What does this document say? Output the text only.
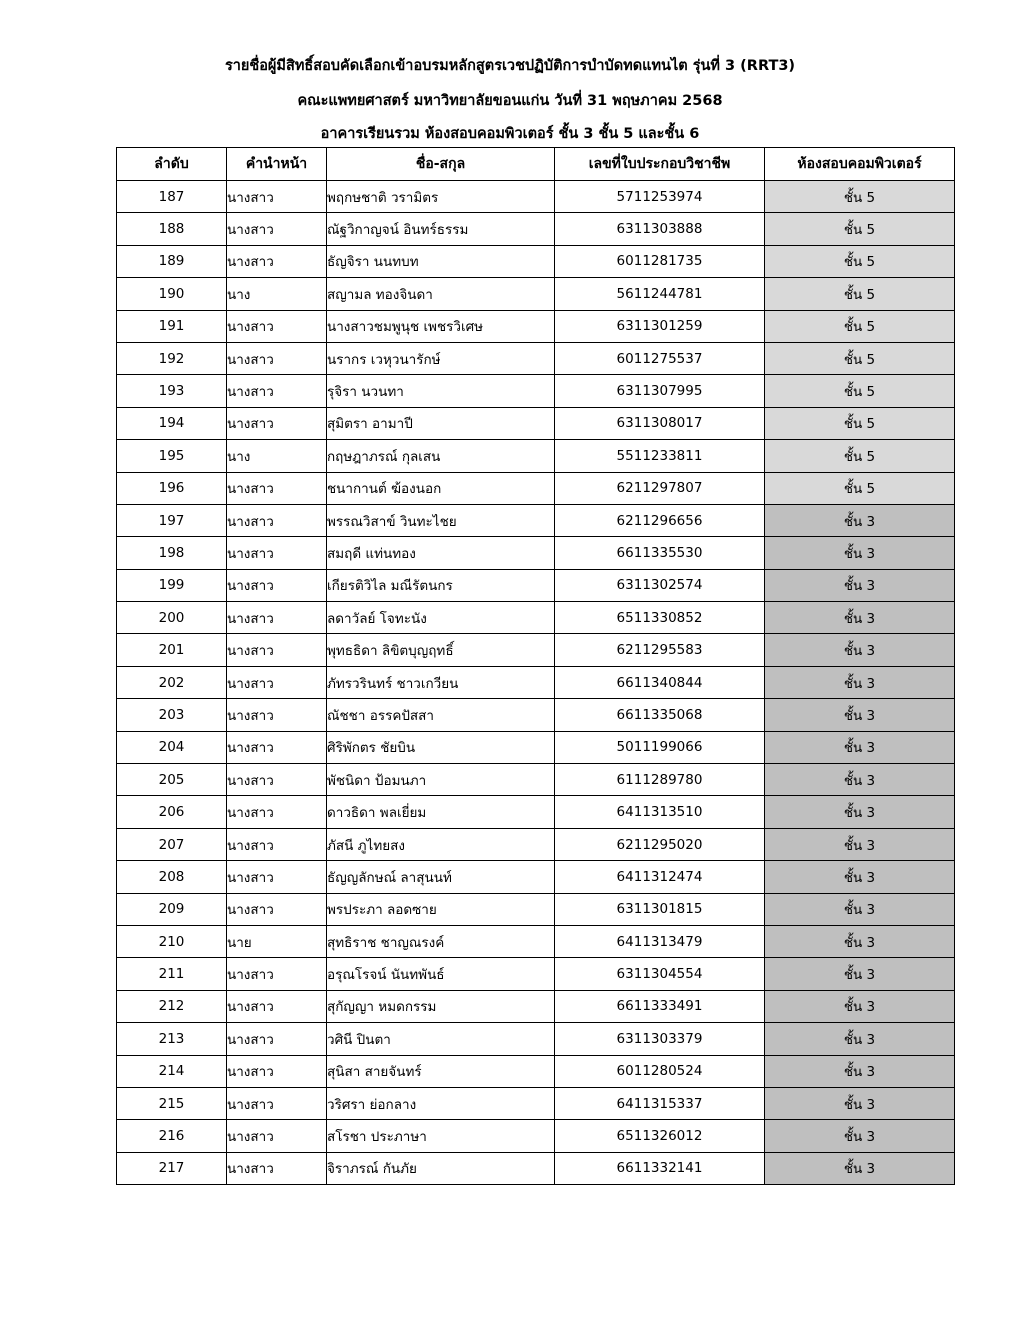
รายชื่อผู้มีสิทธิ์สอบคัดเลือกเข้าอบรมหลักสูตรเวชปฏิบัติการบำบัดทดแทนไต รุ่นที่ 3 (RRT3)
คณะแพทยศาสตร์ มหาวิทยาลัยขอนแก่น วันที่ 31 พฤษภาคม 2568
อาคารเรียนรวม ห้องสอบคอมพิวเตอร์ ชั้น 3 ชั้น 5 และชั้น 6
ลำดับ	คำนำหน้า	ชื่อ-สกุล	เลขที่ใบประกอบวิชาชีพ	ห้องสอบคอมพิวเตอร์
187	นางสาว	พฤกษชาติ วรามิตร	5711253974	ชั้น 5
188	นางสาว	ณัฐวิกาญจน์ อินทร์ธรรม	6311303888	ชั้น 5
189	นางสาว	ธัญจิรา นนทบท	6011281735	ชั้น 5
190	นาง	สญามล ทองจินดา	5611244781	ชั้น 5
191	นางสาว	นางสาวชมพูนุช เพชรวิเศษ	6311301259	ชั้น 5
192	นางสาว	นรากร เวหุวนารักษ์	6011275537	ชั้น 5
193	นางสาว	รุจิรา นวนทา	6311307995	ชั้น 5
194	นางสาว	สุมิตรา อามาปี	6311308017	ชั้น 5
195	นาง	กฤษฎาภรณ์ กุลเสน	5511233811	ชั้น 5
196	นางสาว	ชนากานต์ ฆ้องนอก	6211297807	ชั้น 5
197	นางสาว	พรรณวิสาข์ วินทะไชย	6211296656	ชั้น 3
198	นางสาว	สมฤดี แท่นทอง	6611335530	ชั้น 3
199	นางสาว	เกียรติวิไล มณีรัตนกร	6311302574	ชั้น 3
200	นางสาว	ลดาวัลย์ โจทะนัง	6511330852	ชั้น 3
201	นางสาว	พุทธธิดา ลิขิตบุญฤทธิ์	6211295583	ชั้น 3
202	นางสาว	ภัทรวรินทร์ ชาวเกวียน	6611340844	ชั้น 3
203	นางสาว	ณัชชา อรรคปัสสา	6611335068	ชั้น 3
204	นางสาว	ศิริพักตร ชัยบิน	5011199066	ชั้น 3
205	นางสาว	พัชนิดา ป้อมนภา	6111289780	ชั้น 3
206	นางสาว	ดาวธิดา พลเยี่ยม	6411313510	ชั้น 3
207	นางสาว	ภัสนี ภูไทยสง	6211295020	ชั้น 3
208	นางสาว	ธัญญลักษณ์ ลาสุนนท์	6411312474	ชั้น 3
209	นางสาว	พรประภา ลอดซาย	6311301815	ชั้น 3
210	นาย	สุทธิราช ชาญณรงค์	6411313479	ชั้น 3
211	นางสาว	อรุณโรจน์ นันทพันธ์	6311304554	ชั้น 3
212	นางสาว	สุกัญญา หมดกรรม	6611333491	ชั้น 3
213	นางสาว	วศินี ปินตา	6311303379	ชั้น 3
214	นางสาว	สุนิสา สายจันทร์	6011280524	ชั้น 3
215	นางสาว	วริศรา ย่อกลาง	6411315337	ชั้น 3
216	นางสาว	สโรชา ประภาษา	6511326012	ชั้น 3
217	นางสาว	จิราภรณ์ กันภัย	6611332141	ชั้น 3
